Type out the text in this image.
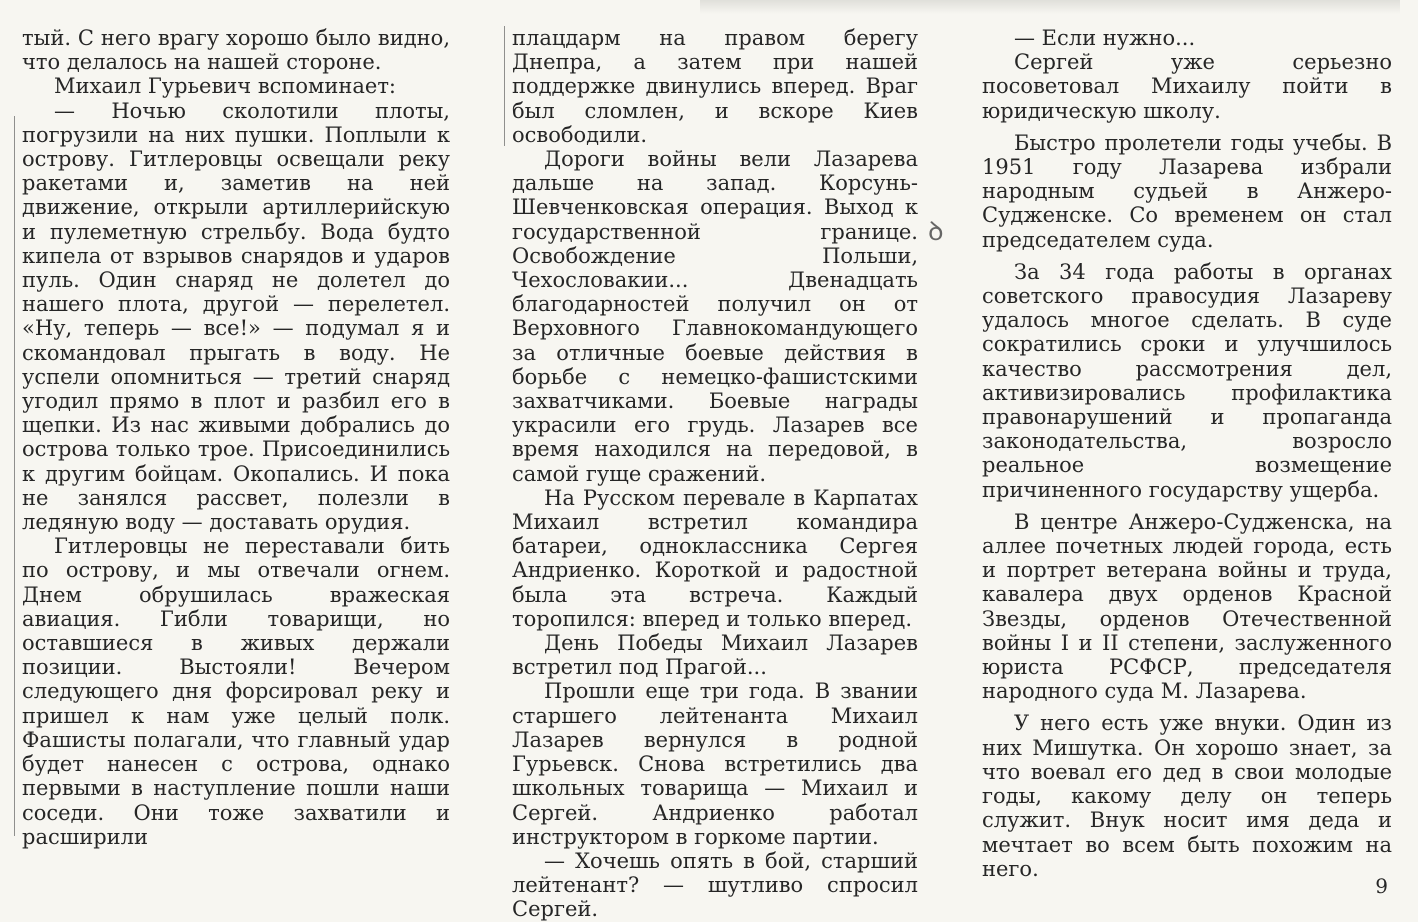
тый. С него врагу хорошо было видно, что делалось на нашей стороне.

Михаил Гурьевич вспоминает:

— Ночью сколотили плоты, погрузили на них пушки. Поплыли к острову. Гитлеровцы освещали реку ракетами и, заметив на ней движение, открыли артиллерийскую и пулеметную стрельбу. Вода будто кипела от взрывов снарядов и ударов пуль. Один снаряд не долетел до нашего плота, другой — перелетел. «Ну, теперь — все!» — подумал я и скомандовал прыгать в воду. Не успели опомниться — третий снаряд угодил прямо в плот и разбил его в щепки. Из нас живыми добрались до острова только трое. Присоединились к другим бойцам. Окопались. И пока не занялся рассвет, полезли в ледяную воду — доставать орудия.

Гитлеровцы не переставали бить по острову, и мы отвечали огнем. Днем обрушилась вражеская авиация. Гибли товарищи, но оставшиеся в живых держали позиции. Выстояли! Вечером следующего дня форсировал реку и пришел к нам уже целый полк. Фашисты полагали, что главный удар будет нанесен с острова, однако первыми в наступление пошли наши соседи. Они тоже захватили и расширили

плацдарм на правом берегу Днепра, а затем при нашей поддержке двинулись вперед. Враг был сломлен, и вскоре Киев освободили.

Дороги войны вели Лазарева дальше на запад. Корсунь-Шевченковская операция. Выход к государственной границе. Освобождение Польши, Чехословакии... Двенадцать благодарностей получил он от Верховного Главнокомандующего за отличные боевые действия в борьбе с немецко-фашистскими захватчиками. Боевые награды украсили его грудь. Лазарев все время находился на передовой, в самой гуще сражений.

На Русском перевале в Карпатах Михаил встретил командира батареи, одноклассника Сергея Андриенко. Короткой и радостной была эта встреча. Каждый торопился: вперед и только вперед.

День Победы Михаил Лазарев встретил под Прагой...

Прошли еще три года. В звании старшего лейтенанта Михаил Лазарев вернулся в родной Гурьевск. Снова встретились два школьных товарища — Михаил и Сергей. Андриенко работал инструктором в горкоме партии.

— Хочешь опять в бой, старший лейтенант? — шутливо спросил Сергей.

ꝺ

— Если нужно...

Сергей уже серьезно посоветовал Михаилу пойти в юридическую школу.

Быстро пролетели годы учебы. В 1951 году Лазарева избрали народным судьей в Анжеро-Судженске. Со временем он стал председателем суда.

За 34 года работы в органах советского правосудия Лазареву удалось многое сделать. В суде сократились сроки и улучшилось качество рассмотрения дел, активизировались профилактика правонарушений и пропаганда законодательства, возросло реальное возмещение причиненного государству ущерба.

В центре Анжеро-Судженска, на аллее почетных людей города, есть и портрет ветерана войны и труда, кавалера двух орденов Красной Звезды, орденов Отечественной войны I и II степени, заслуженного юриста РСФСР, председателя народного суда М. Лазарева.

У него есть уже внуки. Один из них Мишутка. Он хорошо знает, за что воевал его дед в свои молодые годы, какому делу он теперь служит. Внук носит имя деда и мечтает во всем быть похожим на него.

9
